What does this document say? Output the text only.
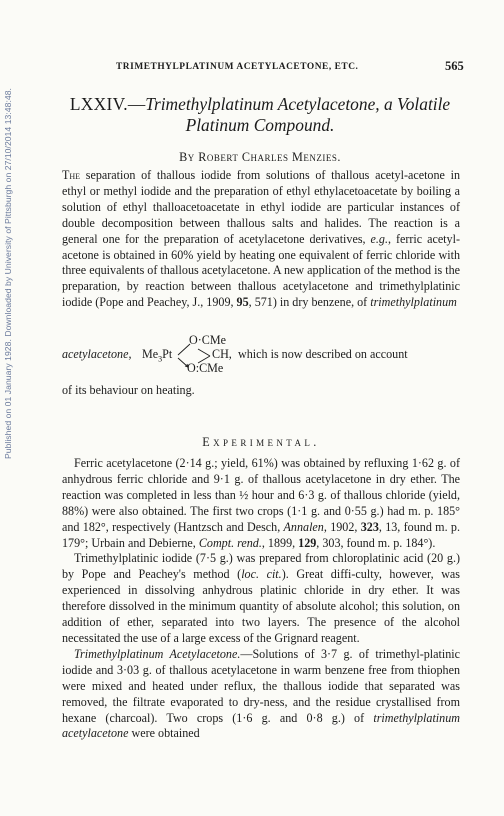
Published on 01 January 1928. Downloaded by University of Pittsburgh on 27/10/2014 13:48:48.
TRIMETHYLPLATINUM ACETYLACETONE, ETC.	565
LXXIV.—Trimethylplatinum Acetylacetone, a Volatile Platinum Compound.
By Robert Charles Menzies.

The separation of thallous iodide from solutions of thallous acetyl-acetone in ethyl or methyl iodide and the preparation of ethyl ethylacetoacetate by boiling a solution of ethyl thalloacetoacetate in ethyl iodide are particular instances of double decomposition between thallous salts and halides. The reaction is a general one for the preparation of acetylacetone derivatives, e.g., ferric acetyl-acetone is obtained in 60% yield by heating one equivalent of ferric chloride with three equivalents of thallous acetylacetone. A new application of the method is the preparation, by reaction between thallous acetylacetone and trimethylplatinic iodide (Pope and Peachey, J., 1909, 95, 571) in dry benzene, of trimethylplatinum

acetylacetone, $Me_3Pt$
O·CMe
O:CMe
CH, which is now described on account

of its behaviour on heating.

Experimental.

Ferric acetylacetone (2·14 g.; yield, 61%) was obtained by refluxing 1·62 g. of anhydrous ferric chloride and 9·1 g. of thallous acetylacetone in dry ether. The reaction was completed in less than ½ hour and 6·3 g. of thallous chloride (yield, 88%) were also obtained. The first two crops (1·1 g. and 0·55 g.) had m. p. 185° and 182°, respectively (Hantzsch and Desch, Annalen, 1902, 323, 13, found m. p. 179°; Urbain and Debierne, Compt. rend., 1899, 129, 303, found m. p. 184°).

Trimethylplatinic iodide (7·5 g.) was prepared from chloroplatinic acid (20 g.) by Pope and Peachey's method (loc. cit.). Great diffi-culty, however, was experienced in dissolving anhydrous platinic chloride in dry ether. It was therefore dissolved in the minimum quantity of absolute alcohol; this solution, on addition of ether, separated into two layers. The presence of the alcohol necessitated the use of a large excess of the Grignard reagent.

Trimethylplatinum Acetylacetone.—Solutions of 3·7 g. of trimethyl-platinic iodide and 3·03 g. of thallous acetylacetone in warm benzene free from thiophen were mixed and heated under reflux, the thallous iodide that separated was removed, the filtrate evaporated to dry-ness, and the residue crystallised from hexane (charcoal). Two crops (1·6 g. and 0·8 g.) of trimethylplatinum acetylacetone were obtained
